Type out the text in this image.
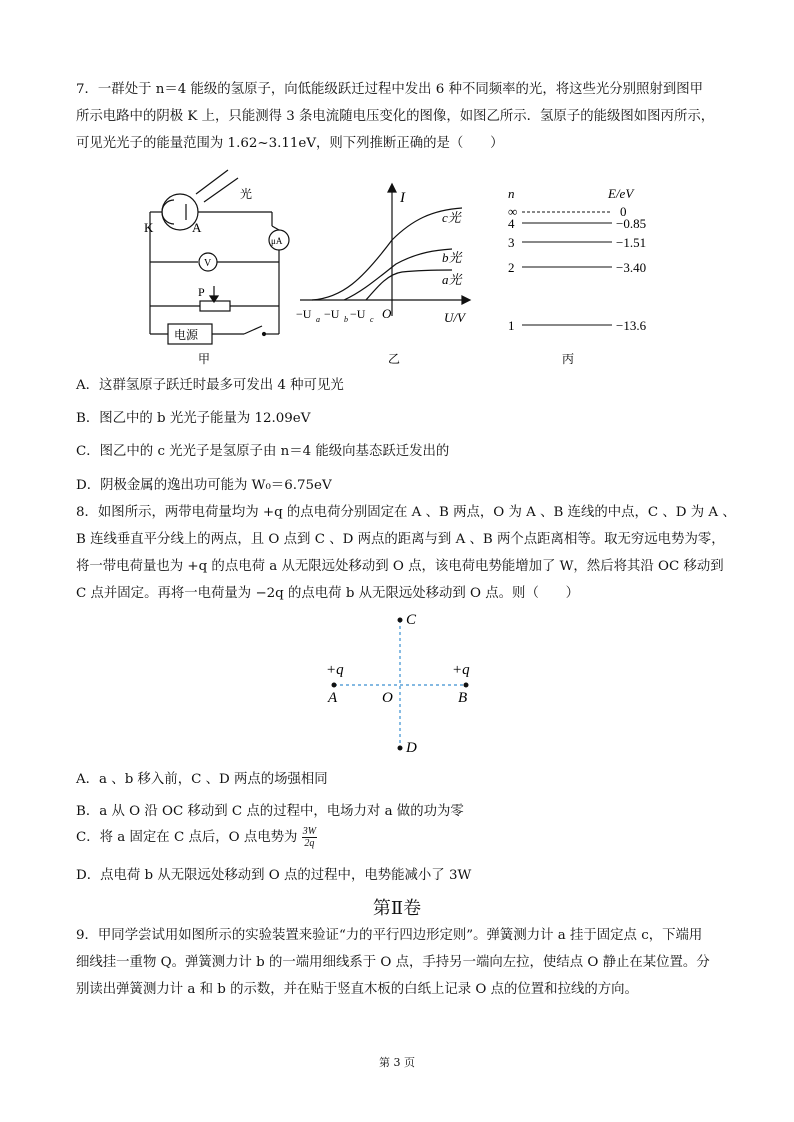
7．一群处于 n＝4 能级的氢原子，向低能级跃迁过程中发出 6 种不同频率的光，将这些光分别照射到图甲
所示电路中的阴极 K 上，只能测得 3 条电流随电压变化的图像，如图乙所示．氢原子的能级图如图丙所示，
可见光光子的能量范围为 1.62~3.11eV，则下列推断正确的是（　　）
光
K	A
μA
V
P
电源
甲
I
c光
b光
a光
−U a −U b −U c O	U/V
乙
n	E/eV
∞	0
4	−0.85
3	−1.51
2	−3.40
1	−13.6
丙
A．这群氢原子跃迁时最多可发出 4 种可见光
B．图乙中的 b 光光子能量为 12.09eV
C．图乙中的 c 光光子是氢原子由 n＝4 能级向基态跃迁发出的
D．阴极金属的逸出功可能为 W₀＝6.75eV
8．如图所示，两带电荷量均为 +q 的点电荷分别固定在 A 、B 两点，O 为 A 、B 连线的中点，C 、D 为 A 、
B 连线垂直平分线上的两点，且 O 点到 C 、D 两点的距离与到 A 、B 两个点距离相等。取无穷远电势为零，
将一带电荷量也为 +q 的点电荷 a 从无限远处移动到 O 点，该电荷电势能增加了 W，然后将其沿 OC 移动到
C 点并固定。再将一电荷量为 −2q 的点电荷 b 从无限远处移动到 O 点。则（　　）
C
D
+q	+q
A	B
O
A．a 、b 移入前，C 、D 两点的场强相同
B．a 从 O 沿 OC 移动到 C 点的过程中，电场力对 a 做的功为零
C．将 a 固定在 C 点后，O 点电势为 $\frac{3W}{2q}$
D．点电荷 b 从无限远处移动到 O 点的过程中，电势能减小了 3W
第Ⅱ卷
9．甲同学尝试用如图所示的实验装置来验证“力的平行四边形定则”。弹簧测力计 a 挂于固定点 c，下端用
细线挂一重物 Q。弹簧测力计 b 的一端用细线系于 O 点，手持另一端向左拉，使结点 O 静止在某位置。分
别读出弹簧测力计 a 和 b 的示数，并在贴于竖直木板的白纸上记录 O 点的位置和拉线的方向。
第 3 页
